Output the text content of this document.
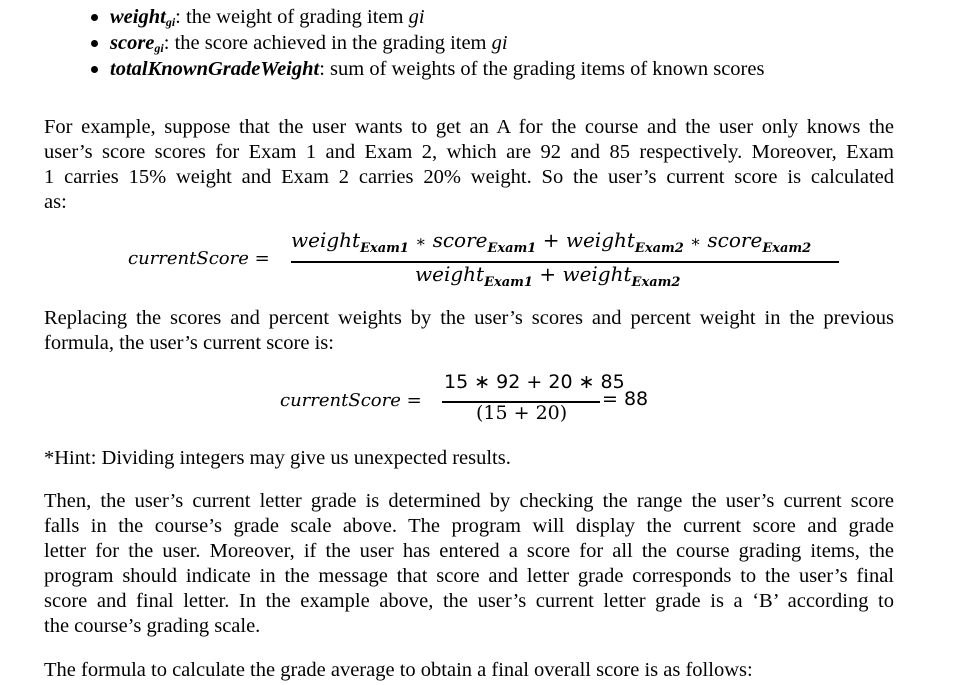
weight$_{gi}$: the weight of grading item gi
score$_{gi}$: the score achieved in the grading item gi
totalKnownGradeWeight: sum of weights of the grading items of known scores

For example, suppose that the user wants to get an A for the course and the user only knows the
user’s score scores for Exam 1 and Exam 2, which are 92 and 85 respectively. Moreover, Exam
1 carries 15% weight and Exam 2 carries 20% weight. So the user’s current score is calculated
as:

currentScore =
weight$_{Exam1}$ ∗ score$_{Exam1}$ + weight$_{Exam2}$ ∗ score$_{Exam2}$
weight$_{Exam1}$ + weight$_{Exam2}$

Replacing the scores and percent weights by the user’s scores and percent weight in the previous
formula, the user’s current score is:

currentScore =
15 ∗ 92 + 20 ∗ 85
(15 + 20)
= 88

*Hint: Dividing integers may give us unexpected results.

Then, the user’s current letter grade is determined by checking the range the user’s current score
falls in the course’s grade scale above. The program will display the current score and grade
letter for the user. Moreover, if the user has entered a score for all the course grading items, the
program should indicate in the message that score and letter grade corresponds to the user’s final
score and final letter. In the example above, the user’s current letter grade is a ‘B’ according to
the course’s grading scale.

The formula to calculate the grade average to obtain a final overall score is as follows:
